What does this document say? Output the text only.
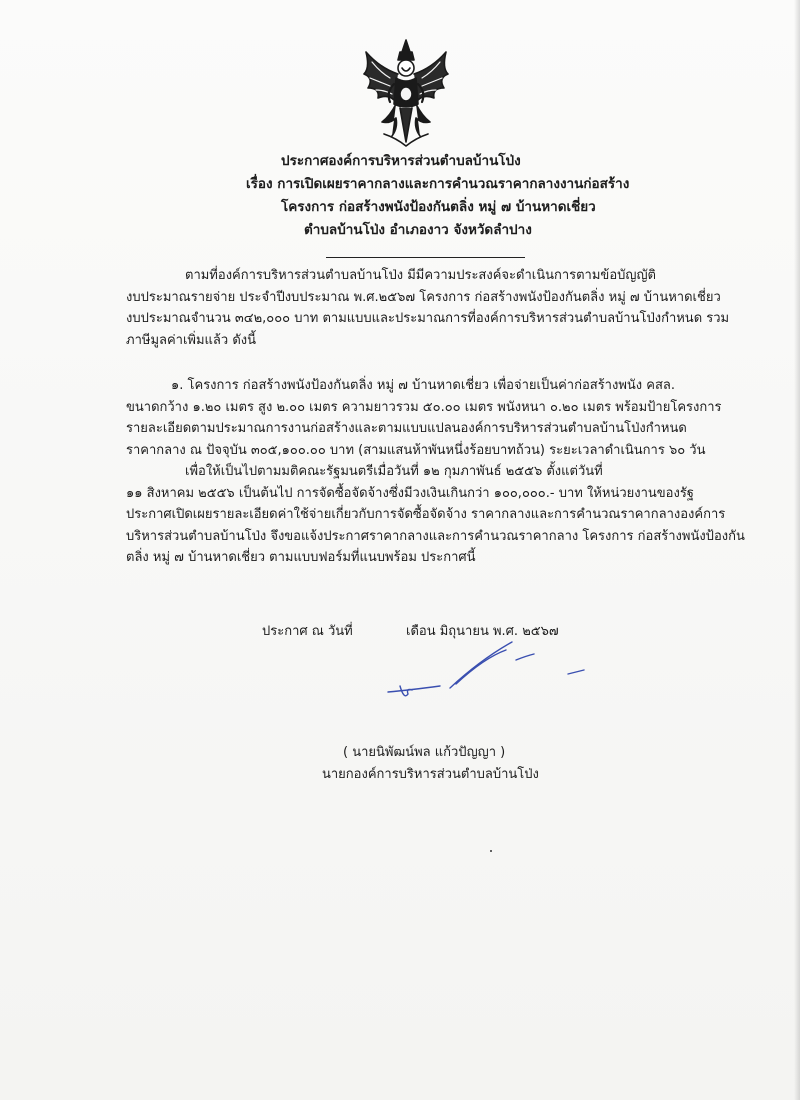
ประกาศองค์การบริหารส่วนตำบลบ้านโป่ง
เรื่อง การเปิดเผยราคากลางและการคำนวณราคากลางงานก่อสร้าง
โครงการ ก่อสร้างพนังป้องกันตลิ่ง หมู่ ๗ บ้านหาดเชี่ยว
ตำบลบ้านโป่ง อำเภองาว จังหวัดลำปาง
ตามที่องค์การบริหารส่วนตำบลบ้านโป่ง มีมีความประสงค์จะดำเนินการตามข้อบัญญัติ
งบประมาณรายจ่าย ประจำปีงบประมาณ พ.ศ.๒๕๖๗ โครงการ ก่อสร้างพนังป้องกันตลิ่ง หมู่ ๗ บ้านหาดเชี่ยว
งบประมาณจำนวน ๓๔๒,๐๐๐ บาท ตามแบบและประมาณการที่องค์การบริหารส่วนตำบลบ้านโป่งกำหนด รวม
ภาษีมูลค่าเพิ่มแล้ว ดังนี้
๑. โครงการ ก่อสร้างพนังป้องกันตลิ่ง หมู่ ๗ บ้านหาดเชี่ยว เพื่อจ่ายเป็นค่าก่อสร้างพนัง คสล.
ขนาดกว้าง ๑.๒๐ เมตร สูง ๒.๐๐ เมตร ความยาวรวม ๕๐.๐๐ เมตร พนังหนา ๐.๒๐ เมตร พร้อมป้ายโครงการ
รายละเอียดตามประมาณการงานก่อสร้างและตามแบบแปลนองค์การบริหารส่วนตำบลบ้านโป่งกำหนด
ราคากลาง ณ ปัจจุบัน ๓๐๕,๑๐๐.๐๐ บาท (สามแสนห้าพันหนึ่งร้อยบาทถ้วน) ระยะเวลาดำเนินการ ๖๐ วัน
เพื่อให้เป็นไปตามมติคณะรัฐมนตรีเมื่อวันที่ ๑๒ กุมภาพันธ์ ๒๕๕๖ ตั้งแต่วันที่
๑๑ สิงหาคม ๒๕๕๖ เป็นต้นไป การจัดซื้อจัดจ้างซึ่งมีวงเงินเกินกว่า ๑๐๐,๐๐๐.- บาท ให้หน่วยงานของรัฐ
ประกาศเปิดเผยรายละเอียดค่าใช้จ่ายเกี่ยวกับการจัดซื้อจัดจ้าง ราคากลางและการคำนวณราคากลางองค์การ
บริหารส่วนตำบลบ้านโป่ง จึงขอแจ้งประกาศราคากลางและการคำนวณราคากลาง โครงการ ก่อสร้างพนังป้องกัน
ตลิ่ง หมู่ ๗ บ้านหาดเชี่ยว ตามแบบฟอร์มที่แนบพร้อม ประกาศนี้
ประกาศ ณ วันที่	เดือน มิถุนายน พ.ศ. ๒๕๖๗
( นายนิพัฒน์พล แก้วปัญญา )
นายกองค์การบริหารส่วนตำบลบ้านโป่ง
